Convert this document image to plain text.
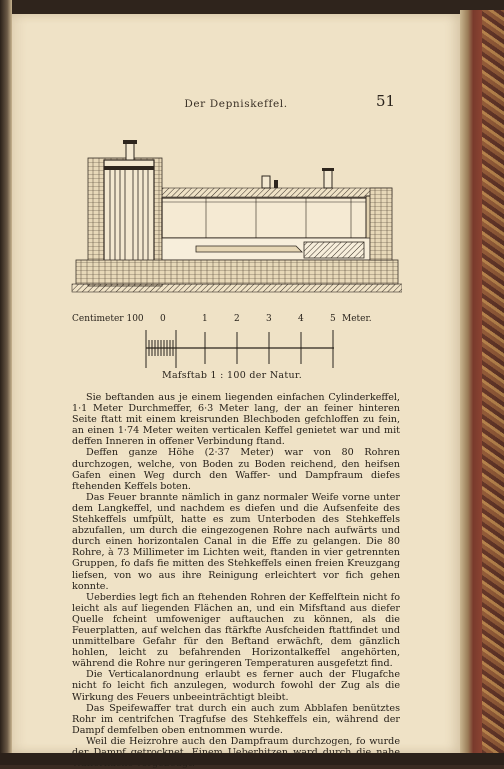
Der Depniskeffel.	51
Centimeter 100 0	1	2	3	4	5 Meter.
Mafsftab 1 : 100 der Natur.

Sie beftanden aus je einem liegenden einfachen Cylinderkeffel, 1·1 Meter Durchmeffer, 6·3 Meter lang, der an feiner hinteren Seite ftatt mit einem kreisrunden Blechboden gefchloffen zu fein, an einen 1·74 Meter weiten verticalen Keffel genietet war und mit deffen Inneren in offener Verbindung ftand.

Deffen ganze Höhe (2·37 Meter) war von 80 Rohren durchzogen, welche, von Boden zu Boden reichend, den heifsen Gafen einen Weg durch den Waffer- und Dampfraum diefes ftehenden Keffels boten.

Das Feuer brannte nämlich in ganz normaler Weife vorne unter dem Langkeffel, und nachdem es diefen und die Aufsenfeite des Stehkeffels umfpült, hatte es zum Unterboden des Stehkeffels abzufallen, um durch die eingezogenen Rohre nach aufwärts und durch einen horizontalen Canal in die Effe zu gelangen. Die 80 Rohre, à 73 Millimeter im Lichten weit, ftanden in vier getrennten Gruppen, fo dafs fie mitten des Stehkeffels einen freien Kreuzgang liefsen, von wo aus ihre Reinigung erleichtert vor fich gehen konnte.

Ueberdies legt fich an ftehenden Rohren der Keffelftein nicht fo leicht als auf liegenden Flächen an, und ein Mifsftand aus diefer Quelle fcheint umfoweniger auftauchen zu können, als die Feuerplatten, auf welchen das ftärkfte Ausfcheiden ftattfindet und unmittelbare Gefahr für den Beftand erwächft, dem gänzlich hohlen, leicht zu befahrenden Horizontalkeffel angehörten, während die Rohre nur geringeren Temperaturen ausgefetzt find.

Die Verticalanordnung erlaubt es ferner auch der Flugafche nicht fo leicht fich anzulegen, wodurch fowohl der Zug als die Wirkung des Feuers unbeeinträchtigt bleibt.

Das Speifewaffer trat durch ein auch zum Abblafen benütztes Rohr im centrifchen Tragfufse des Stehkeffels ein, während der Dampf demfelben oben entnommen wurde.

Weil die Heizrohre auch den Dampfraum durchzogen, fo wurde
